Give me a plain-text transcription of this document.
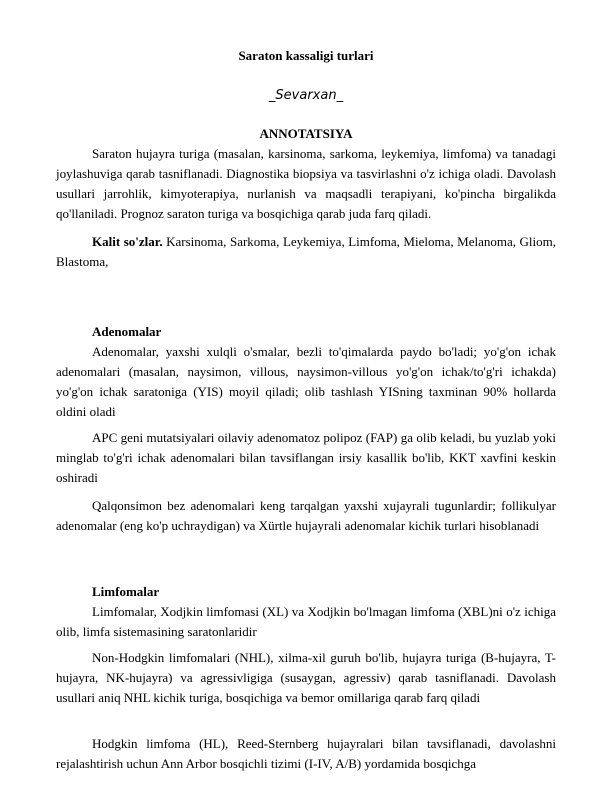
Saraton kassaligi turlari
_Sevarxan_
ANNOTATSIYA

Saraton hujayra turiga (masalan, karsinoma, sarkoma, leykemiya, limfoma) va tanadagi joylashuviga qarab tasniflanadi. Diagnostika biopsiya va tasvirlashni o'z ichiga oladi. Davolash usullari jarrohlik, kimyoterapiya, nurlanish va maqsadli terapiyani, ko'pincha birgalikda qo'llaniladi. Prognoz saraton turiga va bosqichiga qarab juda farq qiladi.

Kalit so'zlar. Karsinoma, Sarkoma, Leykemiya, Limfoma, Mieloma, Melanoma, Gliom, Blastoma,

Adenomalar

Adenomalar, yaxshi xulqli o'smalar, bezli to'qimalarda paydo bo'ladi; yo'g'on ichak adenomalari (masalan, naysimon, villous, naysimon-villous yo'g'on ichak/to'g'ri ichakda) yo'g'on ichak saratoniga (YIS) moyil qiladi; olib tashlash YISning taxminan 90% hollarda oldini oladi

APC geni mutatsiyalari oilaviy adenomatoz polipoz (FAP) ga olib keladi, bu yuzlab yoki minglab to'g'ri ichak adenomalari bilan tavsiflangan irsiy kasallik bo'lib, KKT xavfini keskin oshiradi

Qalqonsimon bez adenomalari keng tarqalgan yaxshi xujayrali tugunlardir; follikulyar adenomalar (eng ko'p uchraydigan) va Xürtle hujayrali adenomalar kichik turlari hisoblanadi

Limfomalar

Limfomalar, Xodjkin limfomasi (XL) va Xodjkin bo'lmagan limfoma (XBL)ni o'z ichiga olib, limfa sistemasining saratonlaridir

Non-Hodgkin limfomalari (NHL), xilma-xil guruh bo'lib, hujayra turiga (B-hujayra, T-hujayra, NK-hujayra) va agressivligiga (susaygan, agressiv) qarab tasniflanadi. Davolash usullari aniq NHL kichik turiga, bosqichiga va bemor omillariga qarab farq qiladi

Hodgkin limfoma (HL), Reed-Sternberg hujayralari bilan tavsiflanadi, davolashni rejalashtirish uchun Ann Arbor bosqichli tizimi (I-IV, A/B) yordamida bosqichga
